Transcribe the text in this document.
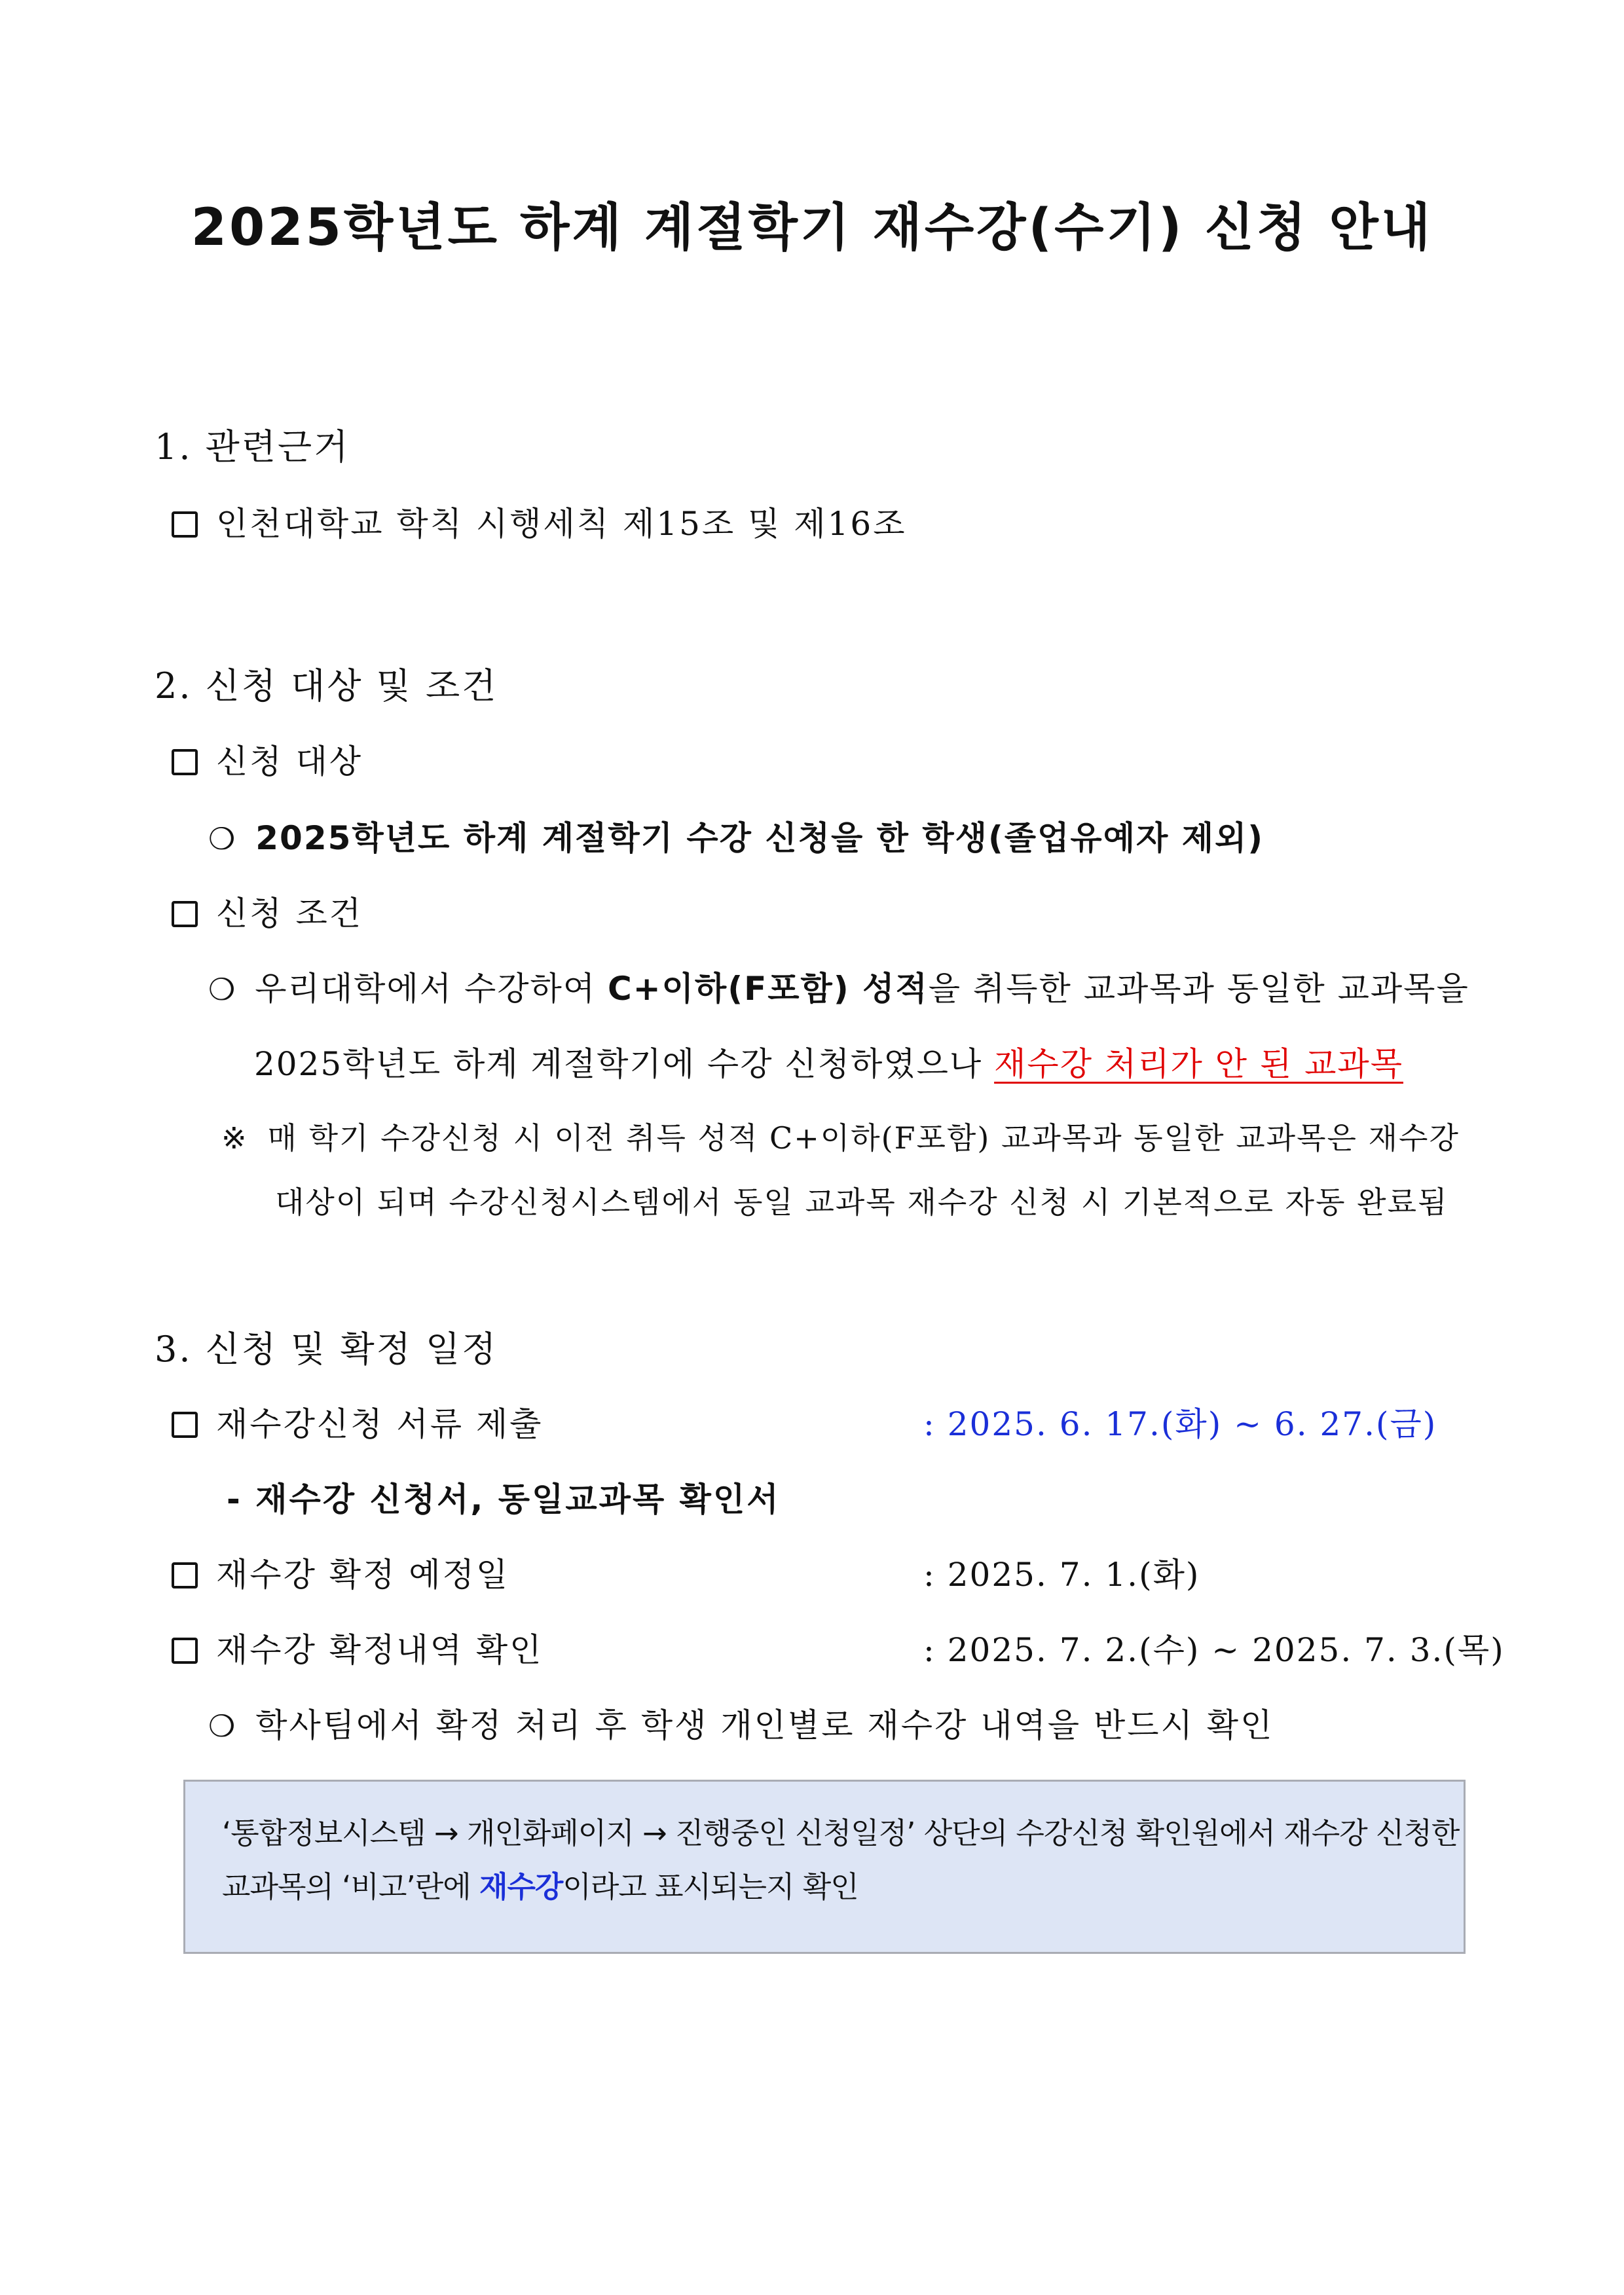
2025학년도 하계 계절학기 재수강(수기) 신청 안내
1. 관련근거
인천대학교 학칙 시행세칙 제15조 및 제16조
2. 신청 대상 및 조건
신청 대상
❍ 2025학년도 하계 계절학기 수강 신청을 한 학생(졸업유예자 제외)
신청 조건
❍ 우리대학에서 수강하여 C+이하(F포함) 성적을 취득한 교과목과 동일한 교과목을
2025학년도 하계 계절학기에 수강 신청하였으나 재수강 처리가 안 된 교과목
※ 매 학기 수강신청 시 이전 취득 성적 C+이하(F포함) 교과목과 동일한 교과목은 재수강
대상이 되며 수강신청시스템에서 동일 교과목 재수강 신청 시 기본적으로 자동 완료됨
3. 신청 및 확정 일정
재수강신청 서류 제출	: 2025. 6. 17.(화) ~ 6. 27.(금)
- 재수강 신청서, 동일교과목 확인서
재수강 확정 예정일	: 2025. 7. 1.(화)
재수강 확정내역 확인	: 2025. 7. 2.(수) ~ 2025. 7. 3.(목)
❍ 학사팀에서 확정 처리 후 학생 개인별로 재수강 내역을 반드시 확인
‘통합정보시스템 → 개인화페이지 → 진행중인 신청일정’ 상단의 수강신청 확인원에서 재수강 신청한
교과목의 ‘비고’란에 재수강이라고 표시되는지 확인
